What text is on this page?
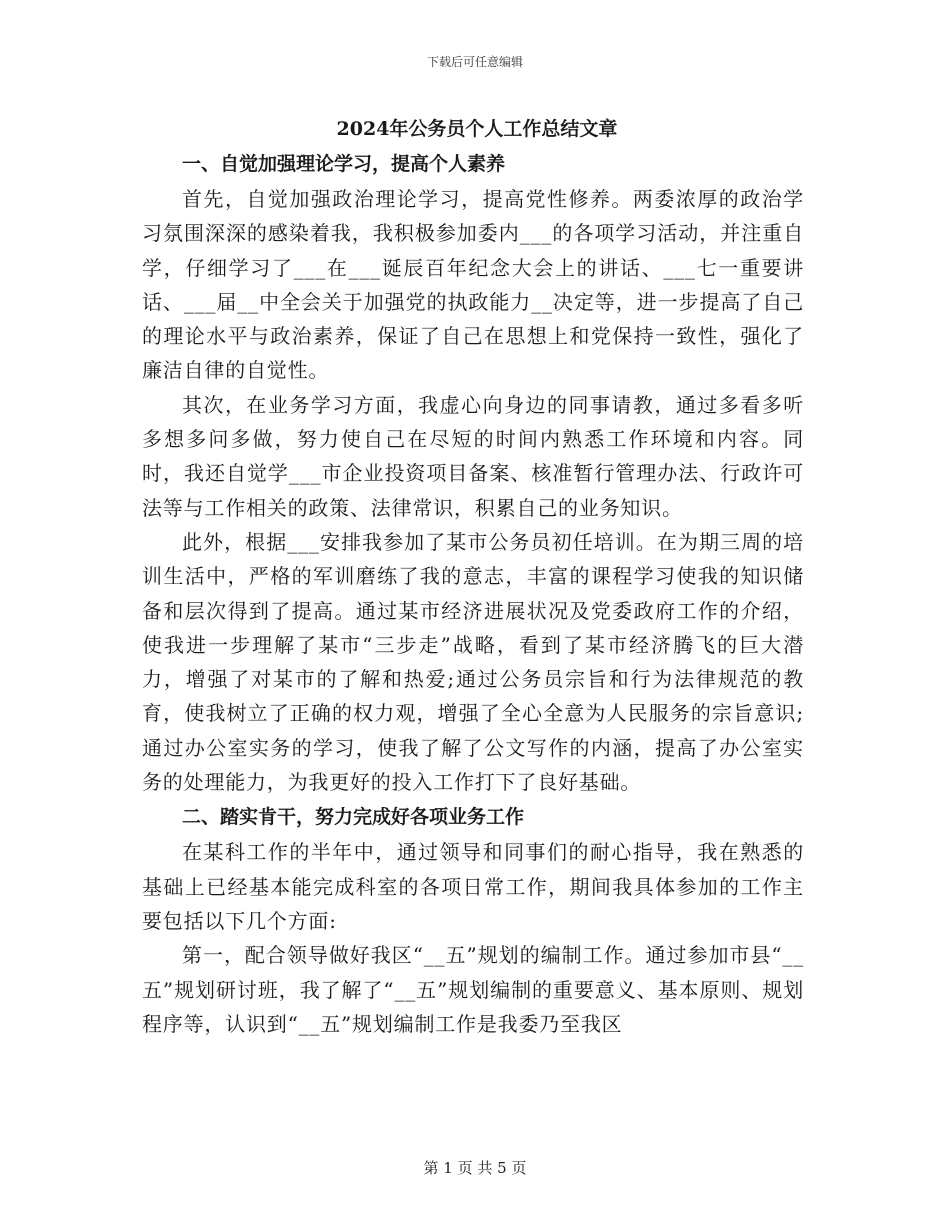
下载后可任意编辑
2024年公务员个人工作总结文章
一、自觉加强理论学习，提高个人素养

首先，自觉加强政治理论学习，提高党性修养。两委浓厚的政治学习氛围深深的感染着我，我积极参加委内___的各项学习活动，并注重自学，仔细学习了___在___诞辰百年纪念大会上的讲话、___七一重要讲话、___届__中全会关于加强党的执政能力__决定等，进一步提高了自己的理论水平与政治素养，保证了自己在思想上和党保持一致性，强化了廉洁自律的自觉性。

其次，在业务学习方面，我虚心向身边的同事请教，通过多看多听多想多问多做，努力使自己在尽短的时间内熟悉工作环境和内容。同时，我还自觉学___市企业投资项目备案、核准暂行管理办法、行政许可法等与工作相关的政策、法律常识，积累自己的业务知识。

此外，根据___安排我参加了某市公务员初任培训。在为期三周的培训生活中，严格的军训磨练了我的意志，丰富的课程学习使我的知识储备和层次得到了提高。通过某市经济进展状况及党委政府工作的介绍，使我进一步理解了某市“三步走”战略，看到了某市经济腾飞的巨大潜力，增强了对某市的了解和热爱;通过公务员宗旨和行为法律规范的教育，使我树立了正确的权力观，增强了全心全意为人民服务的宗旨意识;通过办公室实务的学习，使我了解了公文写作的内涵，提高了办公室实务的处理能力，为我更好的投入工作打下了良好基础。

二、踏实肯干，努力完成好各项业务工作

在某科工作的半年中，通过领导和同事们的耐心指导，我在熟悉的基础上已经基本能完成科室的各项日常工作，期间我具体参加的工作主要包括以下几个方面:

第一，配合领导做好我区“__五”规划的编制工作。通过参加市县“__五”规划研讨班，我了解了“__五”规划编制的重要意义、基本原则、规划程序等，认识到“__五”规划编制工作是我委乃至我区

第 1 页 共 5 页
